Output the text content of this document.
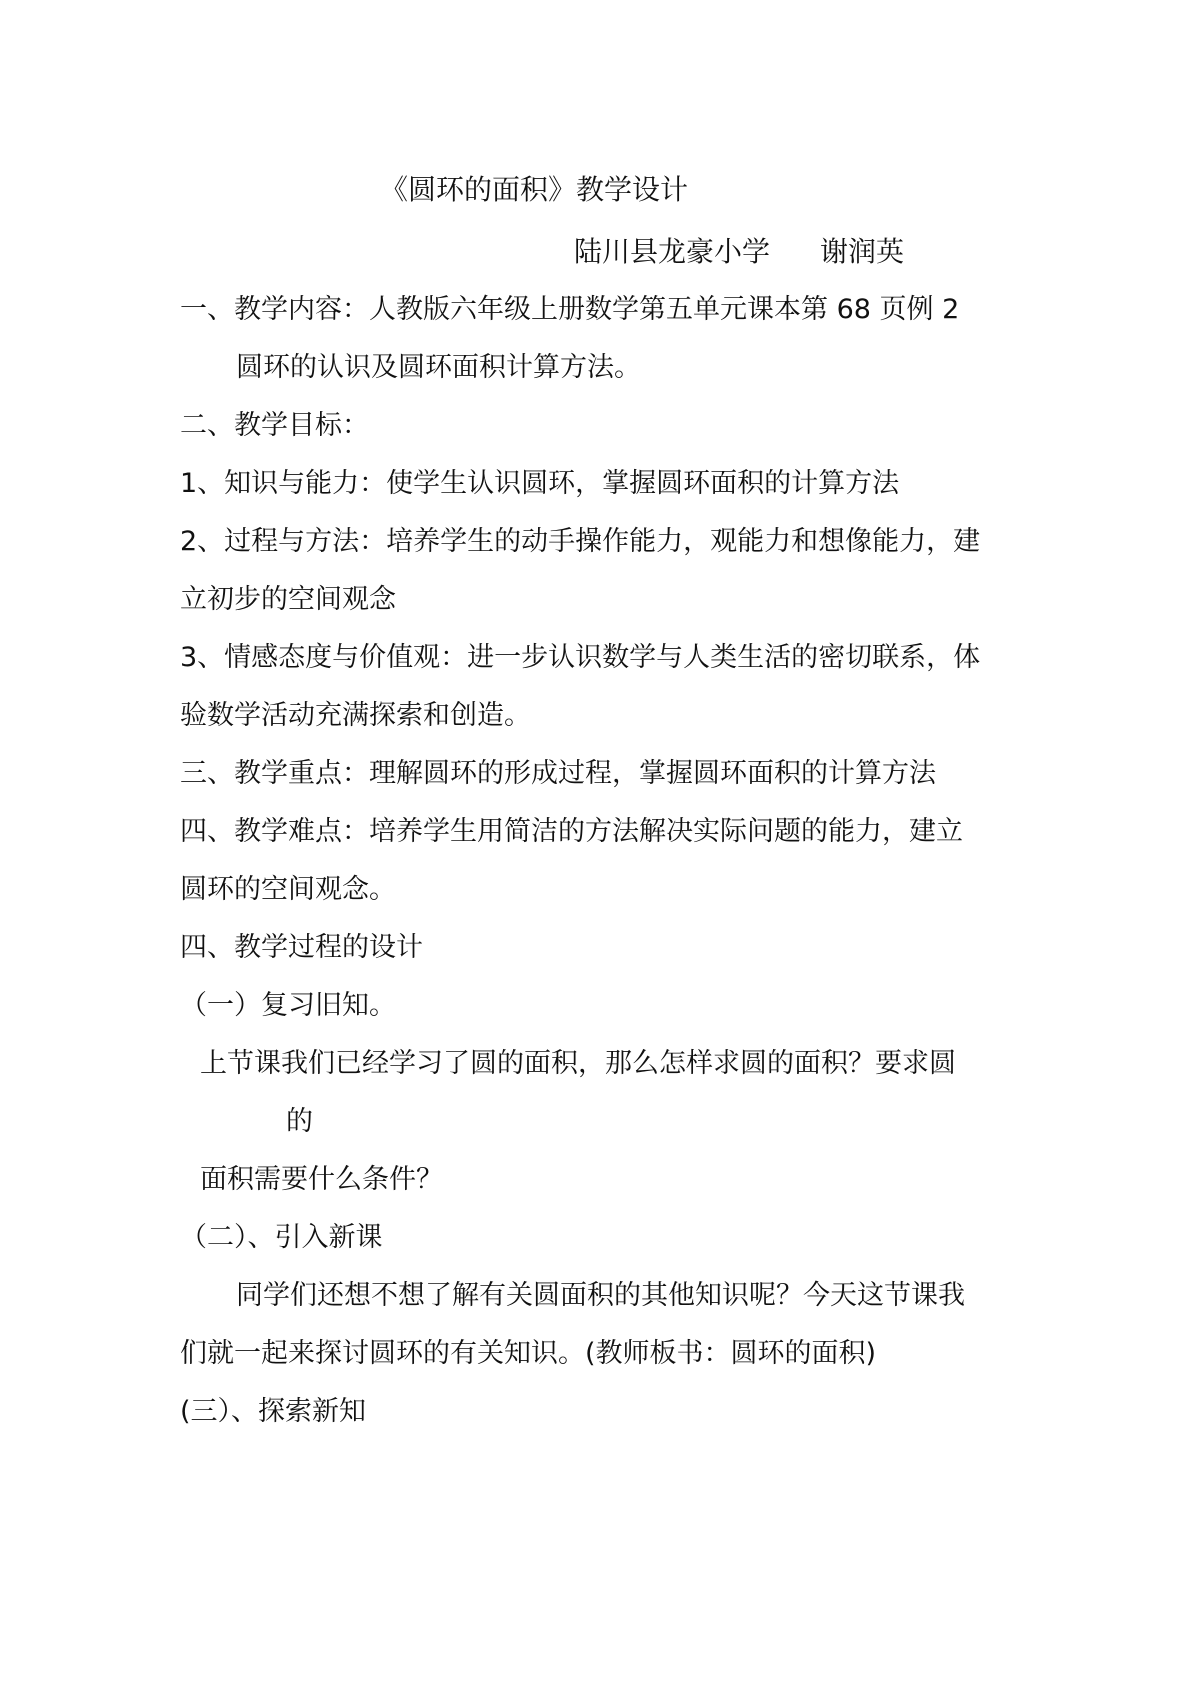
《圆环的面积》教学设计
陆川县龙豪小学 谢润英
一、教学内容：人教版六年级上册数学第五单元课本第 68 页例 2
圆环的认识及圆环面积计算方法。
二、教学目标：
1、知识与能力：使学生认识圆环，掌握圆环面积的计算方法
2、过程与方法：培养学生的动手操作能力，观能力和想像能力，建
立初步的空间观念
3、情感态度与价值观：进一步认识数学与人类生活的密切联系，体
验数学活动充满探索和创造。
三、教学重点：理解圆环的形成过程，掌握圆环面积的计算方法
四、教学难点：培养学生用简洁的方法解决实际问题的能力，建立
圆环的空间观念。
四、教学过程的设计
（一）复习旧知。
上节课我们已经学习了圆的面积，那么怎样求圆的面积？要求圆
的
面积需要什么条件？
（二）、引入新课
同学们还想不想了解有关圆面积的其他知识呢？今天这节课我
们就一起来探讨圆环的有关知识。(教师板书：圆环的面积)
(三）、探索新知
